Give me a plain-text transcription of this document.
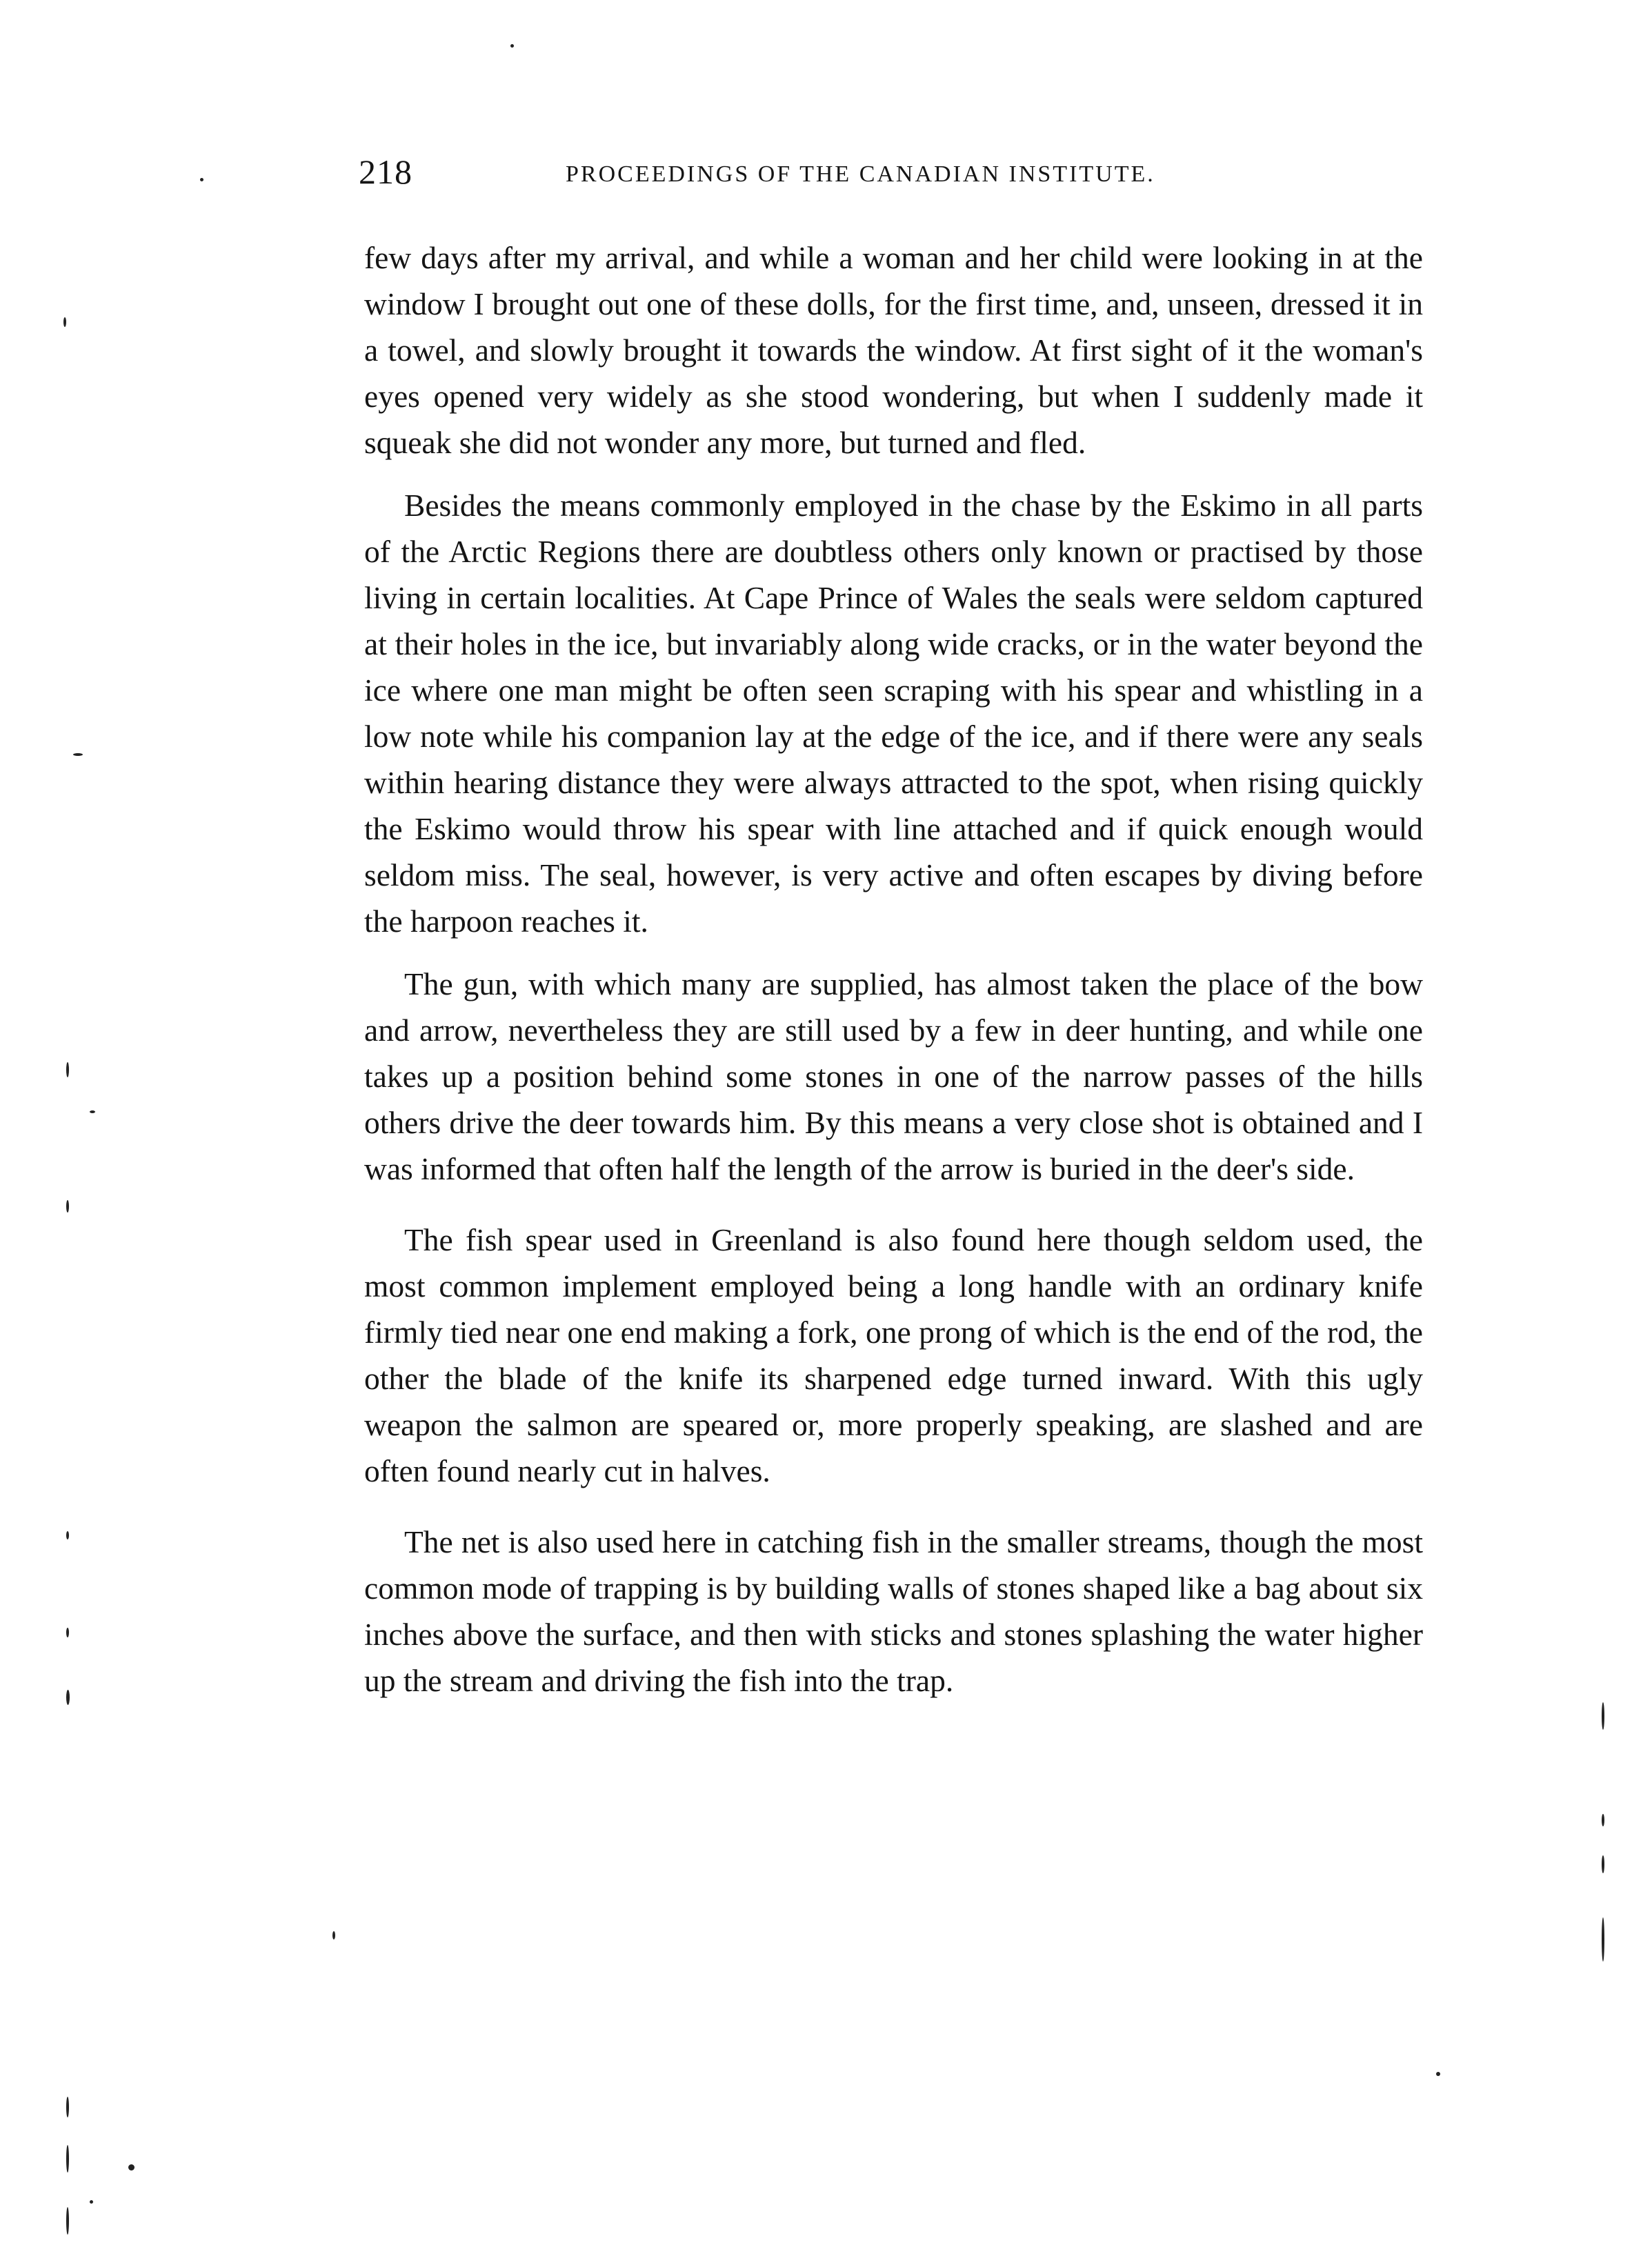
218	PROCEEDINGS OF THE CANADIAN INSTITUTE.

few days after my arrival, and while a woman and her child were looking in at the window I brought out one of these dolls, for the first time, and, unseen, dressed it in a towel, and slowly brought it towards the window. At first sight of it the woman's eyes opened very widely as she stood wondering, but when I suddenly made it squeak she did not wonder any more, but turned and fled.

Besides the means commonly employed in the chase by the Eskimo in all parts of the Arctic Regions there are doubtless others only known or practised by those living in certain localities. At Cape Prince of Wales the seals were seldom captured at their holes in the ice, but invariably along wide cracks, or in the water beyond the ice where one man might be often seen scraping with his spear and whistling in a low note while his companion lay at the edge of the ice, and if there were any seals within hearing distance they were always attracted to the spot, when rising quickly the Eskimo would throw his spear with line attached and if quick enough would seldom miss. The seal, however, is very active and often escapes by diving before the harpoon reaches it.

The gun, with which many are supplied, has almost taken the place of the bow and arrow, nevertheless they are still used by a few in deer hunting, and while one takes up a position behind some stones in one of the narrow passes of the hills others drive the deer towards him. By this means a very close shot is obtained and I was informed that often half the length of the arrow is buried in the deer's side.

The fish spear used in Greenland is also found here though seldom used, the most common implement employed being a long handle with an ordinary knife firmly tied near one end making a fork, one prong of which is the end of the rod, the other the blade of the knife its sharpened edge turned inward. With this ugly weapon the salmon are speared or, more properly speaking, are slashed and are often found nearly cut in halves.

The net is also used here in catching fish in the smaller streams, though the most common mode of trapping is by building walls of stones shaped like a bag about six inches above the surface, and then with sticks and stones splashing the water higher up the stream and driving the fish into the trap.
